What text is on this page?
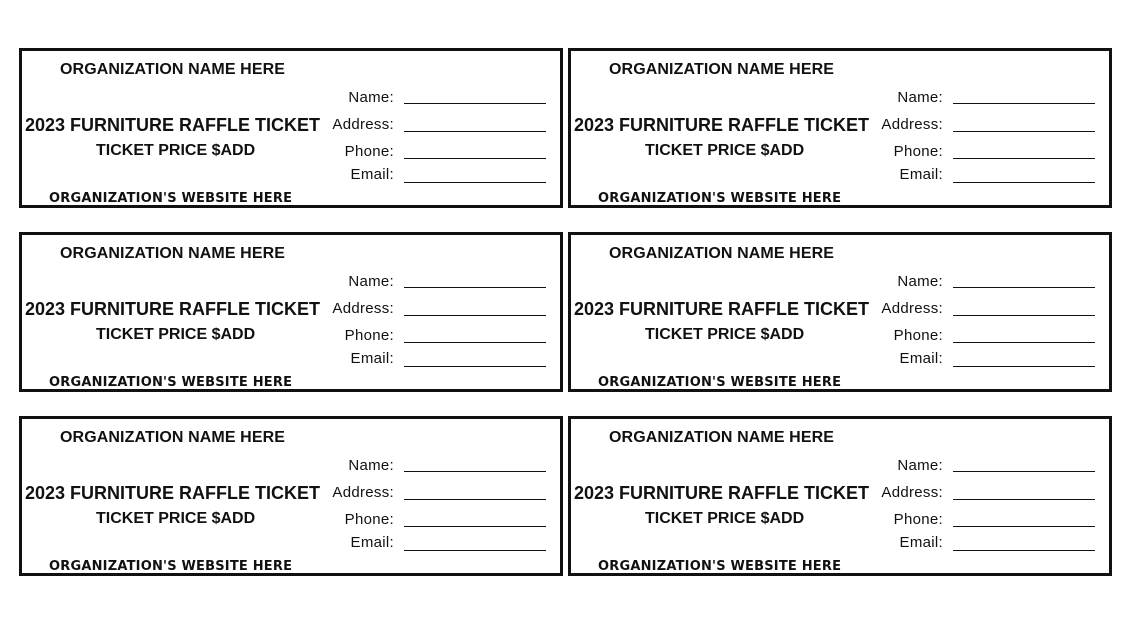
ORGANIZATION NAME HERE
Name:
2023 FURNITURE RAFFLE TICKET Address:
TICKET PRICE $ADD	Phone:
Email:
ORGANIZATION'S WEBSITE HERE
ORGANIZATION NAME HERE
Name:
2023 FURNITURE RAFFLE TICKET Address:
TICKET PRICE $ADD	Phone:
Email:
ORGANIZATION'S WEBSITE HERE
ORGANIZATION NAME HERE
Name:
2023 FURNITURE RAFFLE TICKET Address:
TICKET PRICE $ADD	Phone:
Email:
ORGANIZATION'S WEBSITE HERE
ORGANIZATION NAME HERE
Name:
2023 FURNITURE RAFFLE TICKET Address:
TICKET PRICE $ADD	Phone:
Email:
ORGANIZATION'S WEBSITE HERE
ORGANIZATION NAME HERE
Name:
2023 FURNITURE RAFFLE TICKET Address:
TICKET PRICE $ADD	Phone:
Email:
ORGANIZATION'S WEBSITE HERE
ORGANIZATION NAME HERE
Name:
2023 FURNITURE RAFFLE TICKET Address:
TICKET PRICE $ADD	Phone:
Email:
ORGANIZATION'S WEBSITE HERE
